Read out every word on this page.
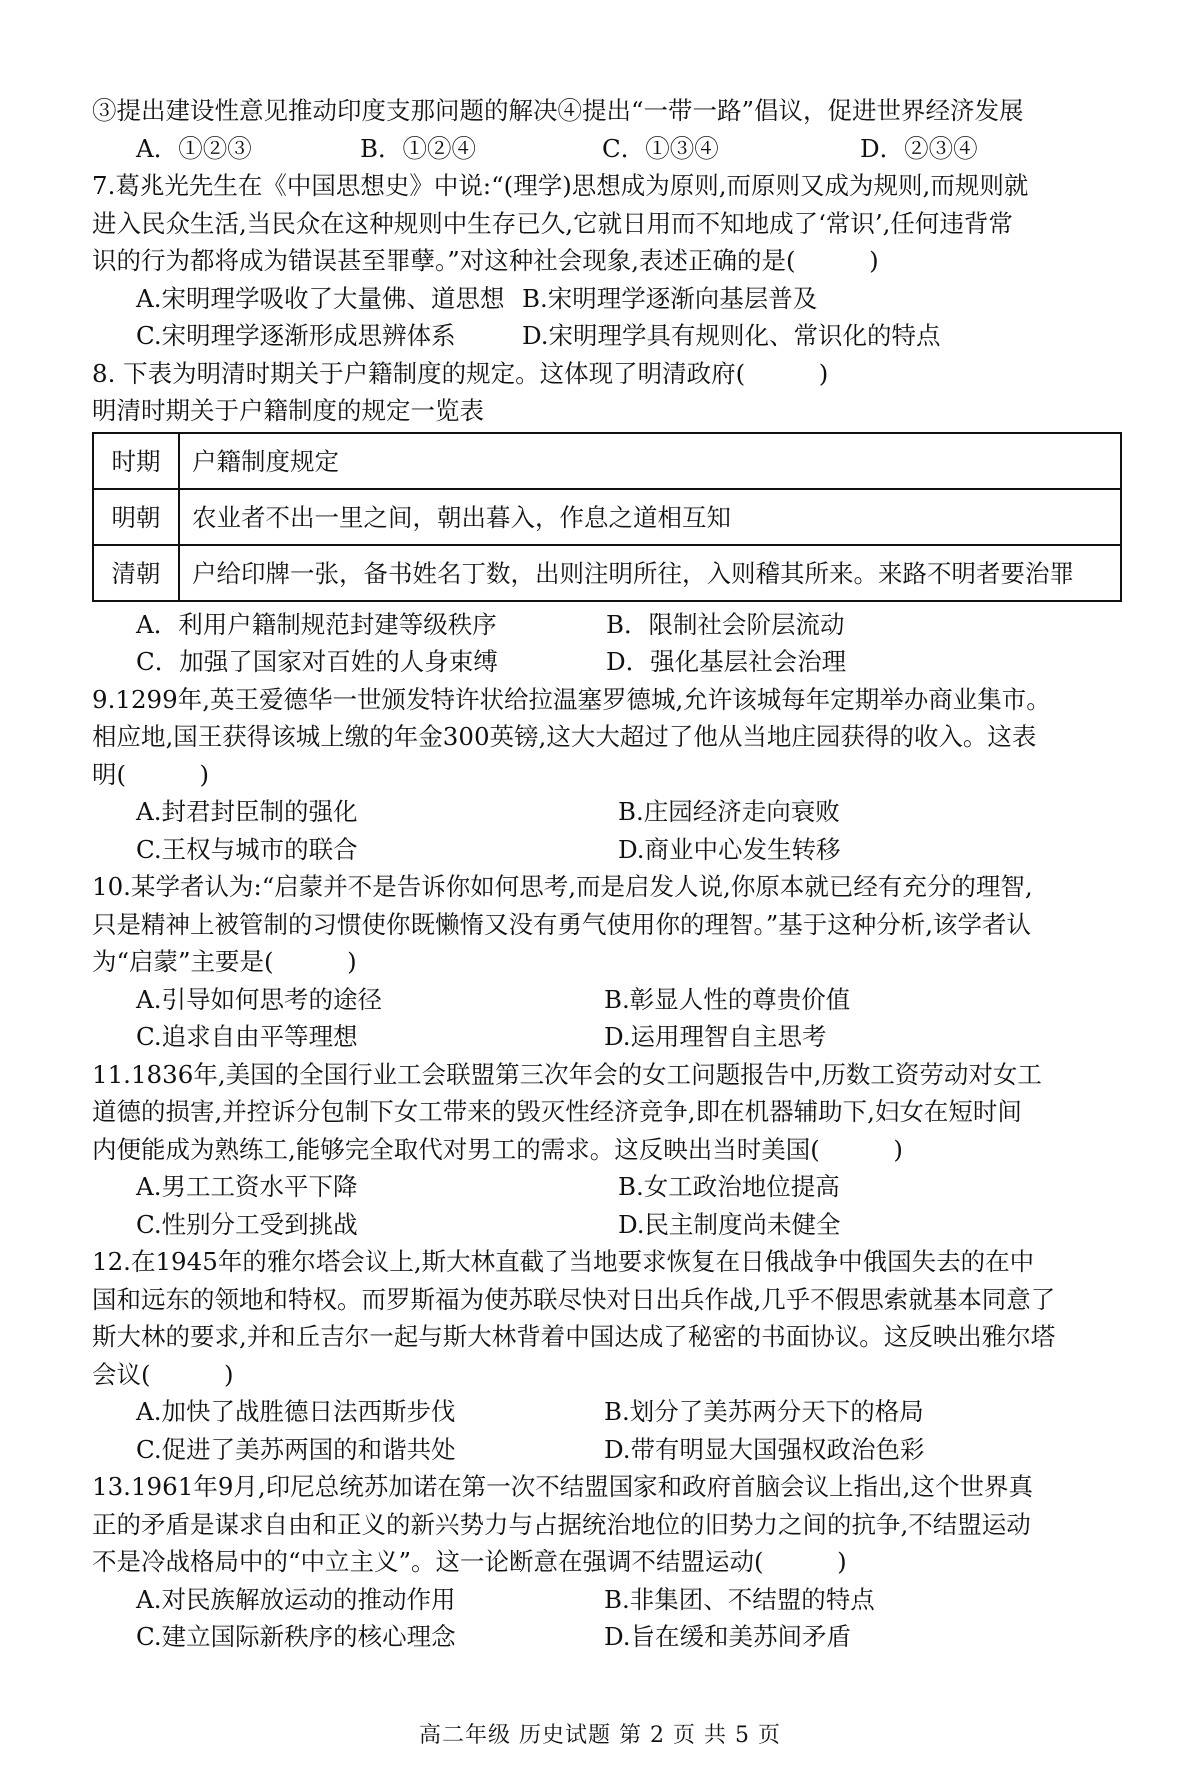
③提出建设性意见推动印度支那问题的解决④提出“一带一路”倡议，促进世界经济发展
A．①②③	B．①②④	C．①③④	D．②③④
7.葛兆光先生在《中国思想史》中说:“(理学)思想成为原则,而原则又成为规则,而规则就
进入民众生活,当民众在这种规则中生存已久,它就日用而不知地成了‘常识’,任何违背常
识的行为都将成为错误甚至罪孽。”对这种社会现象,表述正确的是(　　　)
A.宋明理学吸收了大量佛、道思想 B.宋明理学逐渐向基层普及
C.宋明理学逐渐形成思辨体系	D.宋明理学具有规则化、常识化的特点
8. 下表为明清时期关于户籍制度的规定。这体现了明清政府(　　　)
明清时期关于户籍制度的规定一览表
时期	户籍制度规定
明朝	农业者不出一里之间，朝出暮入，作息之道相互知
清朝	户给印牌一张，备书姓名丁数，出则注明所往，入则稽其所来。来路不明者要治罪
A．利用户籍制规范封建等级秩序	B．限制社会阶层流动
C．加强了国家对百姓的人身束缚	D．强化基层社会治理
9.1299年,英王爱德华一世颁发特许状给拉温塞罗德城,允许该城每年定期举办商业集市。
相应地,国王获得该城上缴的年金300英镑,这大大超过了他从当地庄园获得的收入。这表
明(　　　)
A.封君封臣制的强化	B.庄园经济走向衰败
C.王权与城市的联合	D.商业中心发生转移
10.某学者认为:“启蒙并不是告诉你如何思考,而是启发人说,你原本就已经有充分的理智,
只是精神上被管制的习惯使你既懒惰又没有勇气使用你的理智。”基于这种分析,该学者认
为“启蒙”主要是(　　　)
A.引导如何思考的途径	B.彰显人性的尊贵价值
C.追求自由平等理想	D.运用理智自主思考
11.1836年,美国的全国行业工会联盟第三次年会的女工问题报告中,历数工资劳动对女工
道德的损害,并控诉分包制下女工带来的毁灭性经济竞争,即在机器辅助下,妇女在短时间
内便能成为熟练工,能够完全取代对男工的需求。这反映出当时美国(　　　)
A.男工工资水平下降	B.女工政治地位提高
C.性别分工受到挑战	D.民主制度尚未健全
12.在1945年的雅尔塔会议上,斯大林直截了当地要求恢复在日俄战争中俄国失去的在中
国和远东的领地和特权。而罗斯福为使苏联尽快对日出兵作战,几乎不假思索就基本同意了
斯大林的要求,并和丘吉尔一起与斯大林背着中国达成了秘密的书面协议。这反映出雅尔塔
会议(　　　)
A.加快了战胜德日法西斯步伐	B.划分了美苏两分天下的格局
C.促进了美苏两国的和谐共处	D.带有明显大国强权政治色彩
13.1961年9月,印尼总统苏加诺在第一次不结盟国家和政府首脑会议上指出,这个世界真
正的矛盾是谋求自由和正义的新兴势力与占据统治地位的旧势力之间的抗争,不结盟运动
不是冷战格局中的“中立主义”。这一论断意在强调不结盟运动(　　　)
A.对民族解放运动的推动作用	B.非集团、不结盟的特点
C.建立国际新秩序的核心理念	D.旨在缓和美苏间矛盾
高二年级 历史试题 第 2 页 共 5 页
